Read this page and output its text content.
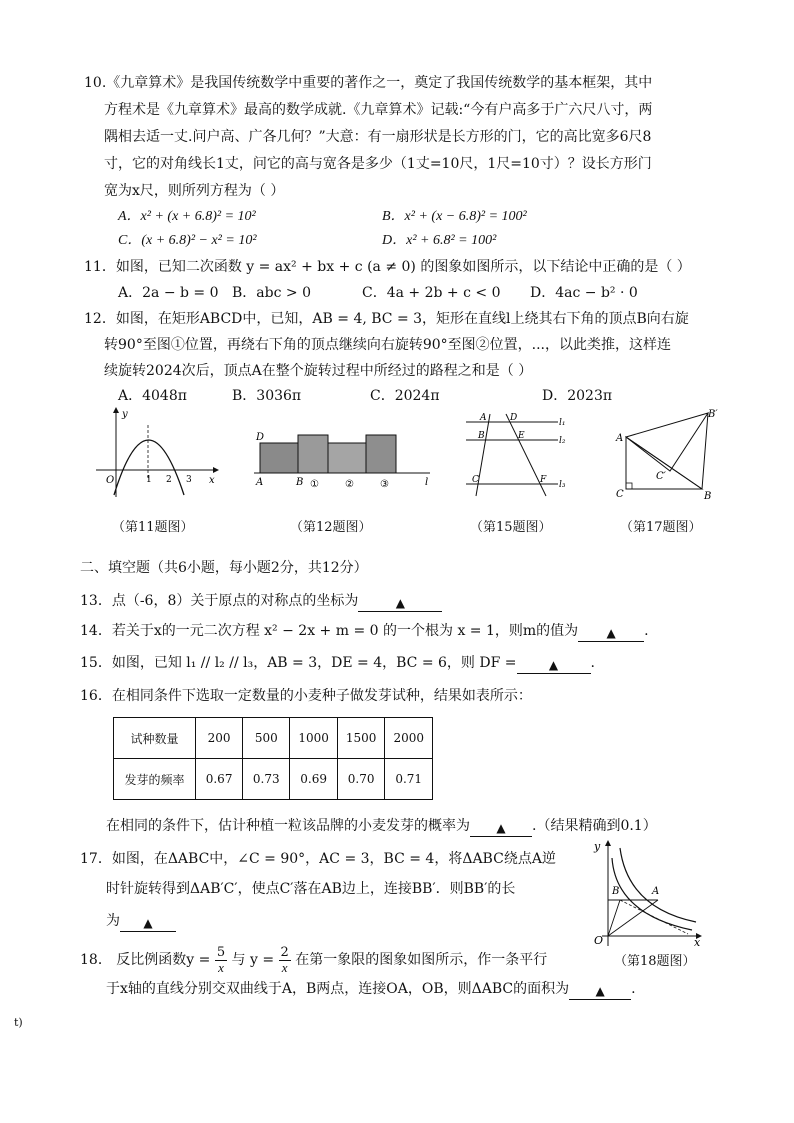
10.《九章算术》是我国传统数学中重要的著作之一，奠定了我国传统数学的基本框架，其中
方程术是《九章算术》最高的数学成就.《九章算术》记载:“今有户高多于广六尺八寸，两
隅相去适一丈.问户高、广各几何？”大意：有一扇形状是长方形的门，它的高比宽多6尺8
寸，它的对角线长1丈，问它的高与宽各是多少（1丈=10尺，1尺=10寸）？设长方形门
宽为x尺，则所列方程为（ ）
A．x² + (x + 6.8)² = 10²	B．x² + (x − 6.8)² = 100²
C．(x + 6.8)² − x² = 10²	D．x² + 6.8² = 100²
11．如图，已知二次函数 y = ax² + bx + c (a ≠ 0) 的图象如图所示，以下结论中正确的是（ ）
A．2a − b = 0 B．abc > 0	C．4a + 2b + c < 0 D．4ac − b² · 0
12．如图，在矩形ABCD中，已知，AB = 4, BC = 3，矩形在直线l上绕其右下角的顶点B向右旋
转90°至图①位置，再绕右下角的顶点继续向右旋转90°至图②位置，...，以此类推，这样连
续旋转2024次后，顶点A在整个旋转过程中所经过的路程之和是（ ）
A．4048π	B．3036π	C．2024π	D．2023π
y
x
O	1 2 3
（第11题图）
D
A	B	l
①	②	③
（第12题图）
A	D
B	E
C	F
l₁
l₂
l₃
（第15题图）
A
B
C
B′
C′
（第17题图）
二、填空题（共6小题，每小题2分，共12分）
13．点（-6，8）关于原点的对称点的坐标为	▲
14．若关于x的一元二次方程 x² − 2x + m = 0 的一个根为 x = 1，则m的值为 ▲ .
15．如图，已知 l₁ // l₂ // l₃，AB = 3，DE = 4，BC = 6，则 DF =	▲ .
16．在相同条件下选取一定数量的小麦种子做发芽试种，结果如表所示：
试种数量	200	500	1000	1500	2000
发芽的频率	0.67	0.73	0.69	0.70	0.71
在相同的条件下，估计种植一粒该品牌的小麦发芽的概率为 ▲ .（结果精确到0.1）
17．如图，在ΔABC中，∠C = 90°，AC = 3，BC = 4，将ΔABC绕点A逆
时针旋转得到ΔAB′C′，使点C′落在AB边上，连接BB′．则BB′的长
为 ▲
y
x
O
A
B
（第18题图）
18． 反比例函数$y = \frac{5}{x}$ 与 $y = \frac{2}{x}$ 在第一象限的图象如图所示，作一条平行
于x轴的直线分别交双曲线于A，B两点，连接OA，OB，则ΔABC的面积为 ▲ .
t)
